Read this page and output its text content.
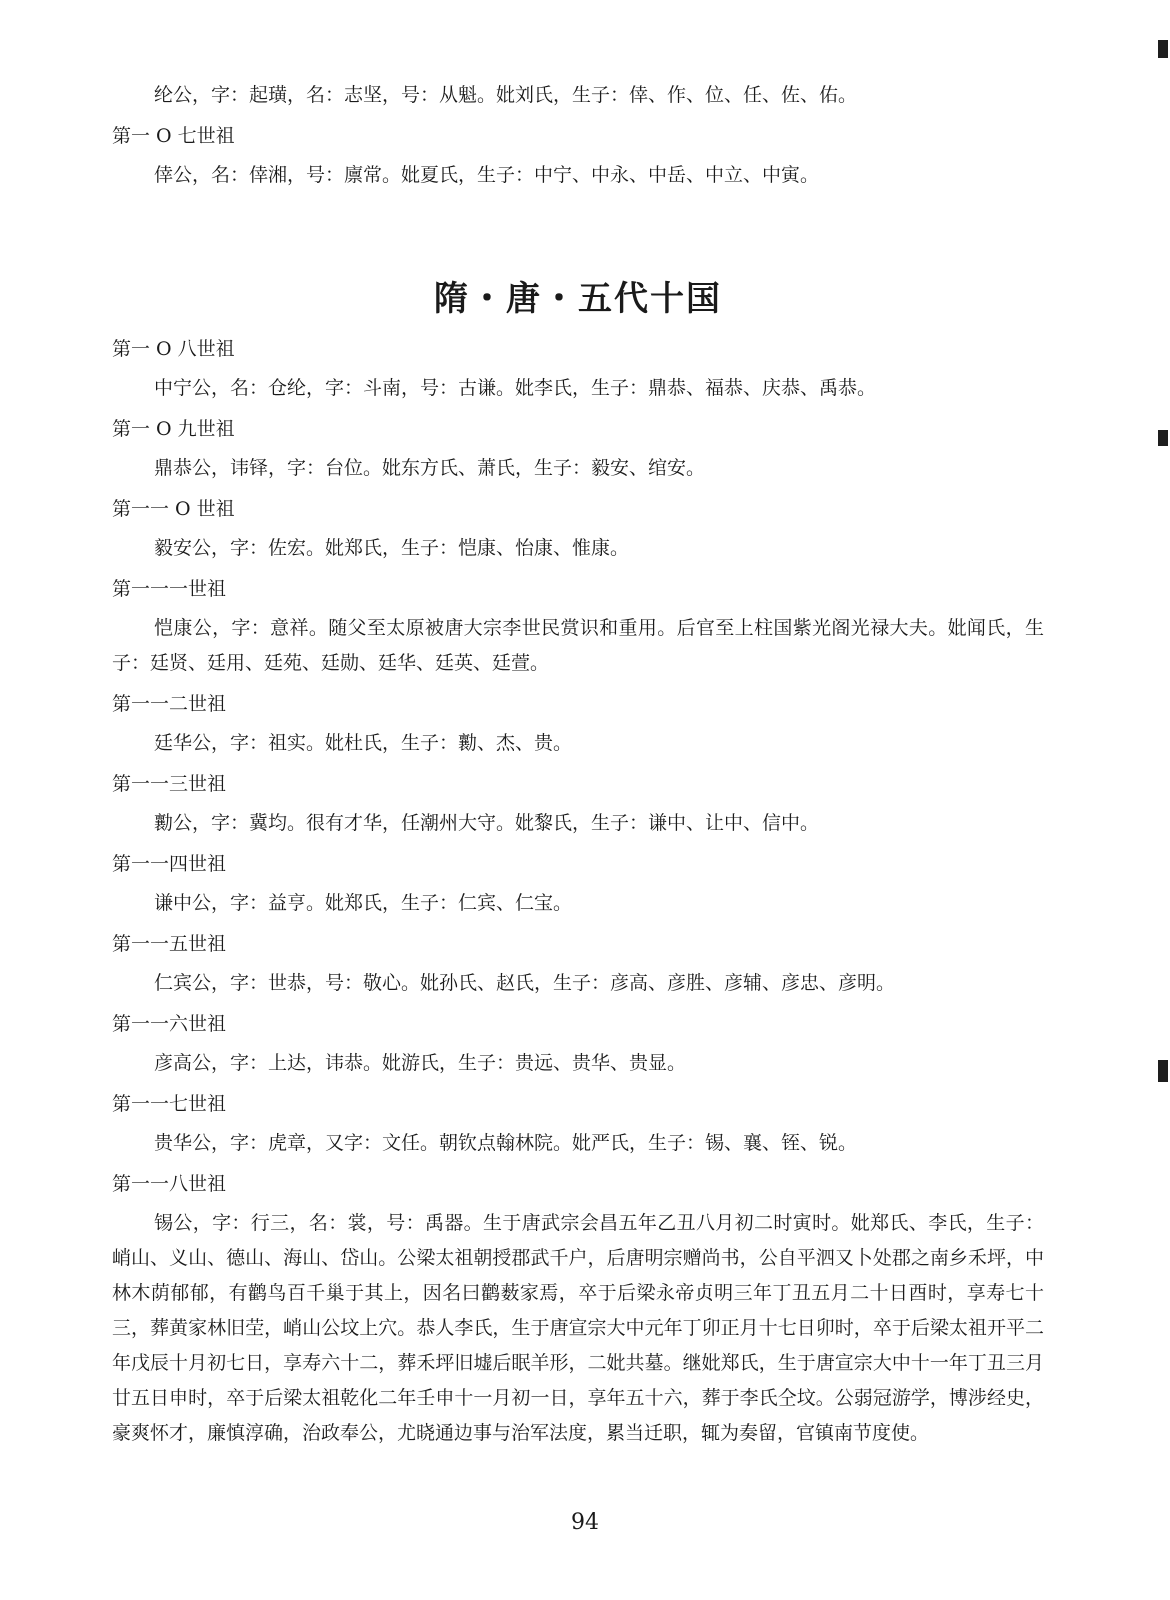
纶公，字：起璜，名：志坚，号：从魁。妣刘氏，生子：倖、作、位、任、佐、佑。

第一 O 七世祖

倖公，名：倖湘，号：廪常。妣夏氏，生子：中宁、中永、中岳、中立、中寅。

隋・唐・五代十国
第一 O 八世祖

中宁公，名：仓纶，字：斗南，号：古谦。妣李氏，生子：鼎恭、福恭、庆恭、禹恭。

第一 O 九世祖

鼎恭公，讳铎，字：台位。妣东方氏、萧氏，生子：毅安、绾安。

第一一 O 世祖

毅安公，字：佐宏。妣郑氏，生子：恺康、怡康、惟康。

第一一一世祖

恺康公，字：意祥。随父至太原被唐大宗李世民赏识和重用。后官至上柱国紫光阁光禄大夫。妣闻氏，生子：廷贤、廷用、廷苑、廷勋、廷华、廷英、廷萱。

第一一二世祖

廷华公，字：祖实。妣杜氏，生子：勷、杰、贵。

第一一三世祖

勷公，字：冀均。很有才华，任潮州大守。妣黎氏，生子：谦中、让中、信中。

第一一四世祖

谦中公，字：益亨。妣郑氏，生子：仁宾、仁宝。

第一一五世祖

仁宾公，字：世恭，号：敬心。妣孙氏、赵氏，生子：彦高、彦胜、彦辅、彦忠、彦明。

第一一六世祖

彦高公，字：上达，讳恭。妣游氏，生子：贵远、贵华、贵显。

第一一七世祖

贵华公，字：虎章，又字：文任。朝钦点翰林院。妣严氏，生子：锡、襄、铚、锐。

第一一八世祖

锡公，字：行三，名：裳，号：禹器。生于唐武宗会昌五年乙丑八月初二时寅时。妣郑氏、李氏，生子：峭山、义山、德山、海山、岱山。公梁太祖朝授郡武千户，后唐明宗赠尚书，公自平泗又卜处郡之南乡禾坪，中林木荫郁郁，有鹳鸟百千巢于其上，因名曰鹳薮家焉，卒于后梁永帝贞明三年丁丑五月二十日酉时，享寿七十三，葬黄家林旧茔，峭山公坟上穴。恭人李氏，生于唐宣宗大中元年丁卯正月十七日卯时，卒于后梁太祖开平二年戊辰十月初七日，享寿六十二，葬禾坪旧墟后眠羊形，二妣共墓。继妣郑氏，生于唐宣宗大中十一年丁丑三月廿五日申时，卒于后梁太祖乾化二年壬申十一月初一日，享年五十六，葬于李氏仝坟。公弱冠游学，博涉经史，豪爽怀才，廉慎淳确，治政奉公，尤晓通边事与治军法度，累当迁职，辄为奏留，官镇南节度使。

94
